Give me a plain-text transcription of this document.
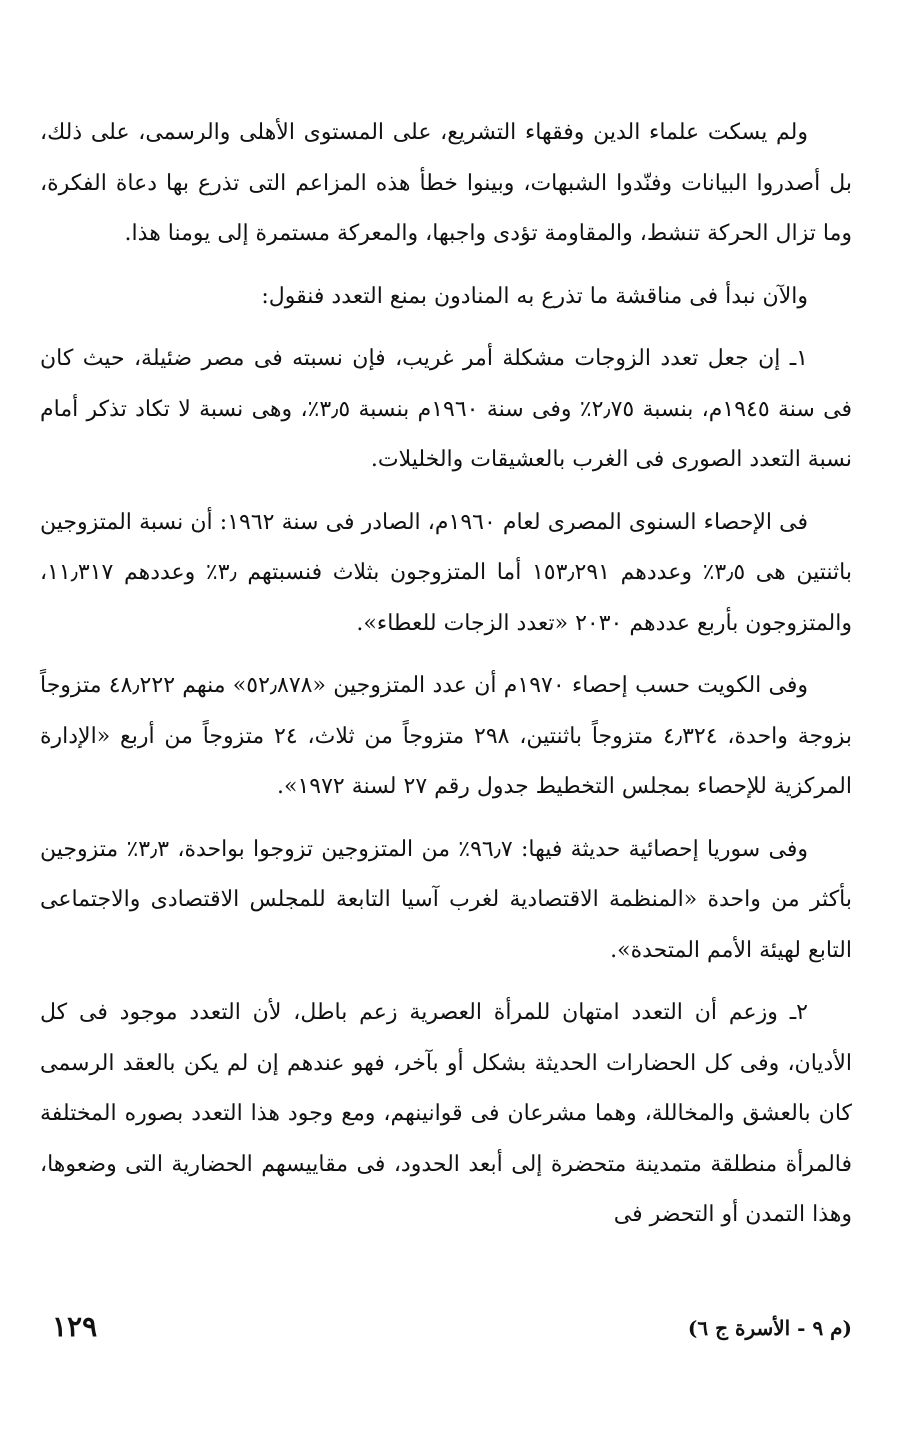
ولم يسكت علماء الدين وفقهاء التشريع، على المستوى الأهلى والرسمى، على ذلك، بل أصدروا البيانات وفنّدوا الشبهات، وبينوا خطأ هذه المزاعم التى تذرع بها دعاة الفكرة، وما تزال الحركة تنشط، والمقاومة تؤدى واجبها، والمعركة مستمرة إلى يومنا هذا.

والآن نبدأ فى مناقشة ما تذرع به المنادون بمنع التعدد فنقول:

١ـ إن جعل تعدد الزوجات مشكلة أمر غريب، فإن نسبته فى مصر ضئيلة، حيث كان فى سنة ١٩٤٥م، بنسبة ٢٫٧٥٪ وفى سنة ١٩٦٠م بنسبة ٣٫٥٪، وهى نسبة لا تكاد تذكر أمام نسبة التعدد الصورى فى الغرب بالعشيقات والخليلات.

فى الإحصاء السنوى المصرى لعام ١٩٦٠م، الصادر فى سنة ١٩٦٢: أن نسبة المتزوجين باثنتين هى ٣٫٥٪ وعددهم ١٥٣٫٢٩١ أما المتزوجون بثلاث فنسبتهم ٣٫٪ وعددهم ١١٫٣١٧، والمتزوجون بأربع عددهم ٢٠٣٠ «تعدد الزجات للعطاء».

وفى الكويت حسب إحصاء ١٩٧٠م أن عدد المتزوجين «٥٢٫٨٧٨» منهم ٤٨٫٢٢٢ متزوجاً بزوجة واحدة، ٤٫٣٢٤ متزوجاً باثنتين، ٢٩٨ متزوجاً من ثلاث، ٢٤ متزوجاً من أربع «الإدارة المركزية للإحصاء بمجلس التخطيط جدول رقم ٢٧ لسنة ١٩٧٢».

وفى سوريا إحصائية حديثة فيها: ٩٦٫٧٪ من المتزوجين تزوجوا بواحدة، ٣٫٣٪ متزوجين بأكثر من واحدة «المنظمة الاقتصادية لغرب آسيا التابعة للمجلس الاقتصادى والاجتماعى التابع لهيئة الأمم المتحدة».

٢ـ وزعم أن التعدد امتهان للمرأة العصرية زعم باطل، لأن التعدد موجود فى كل الأديان، وفى كل الحضارات الحديثة بشكل أو بآخر، فهو عندهم إن لم يكن بالعقد الرسمى كان بالعشق والمخاللة، وهما مشرعان فى قوانينهم، ومع وجود هذا التعدد بصوره المختلفة فالمرأة منطلقة متمدينة متحضرة إلى أبعد الحدود، فى مقاييسهم الحضارية التى وضعوها، وهذا التمدن أو التحضر فى

(م ٩ - الأسرة ج ٦)
١٢٩
